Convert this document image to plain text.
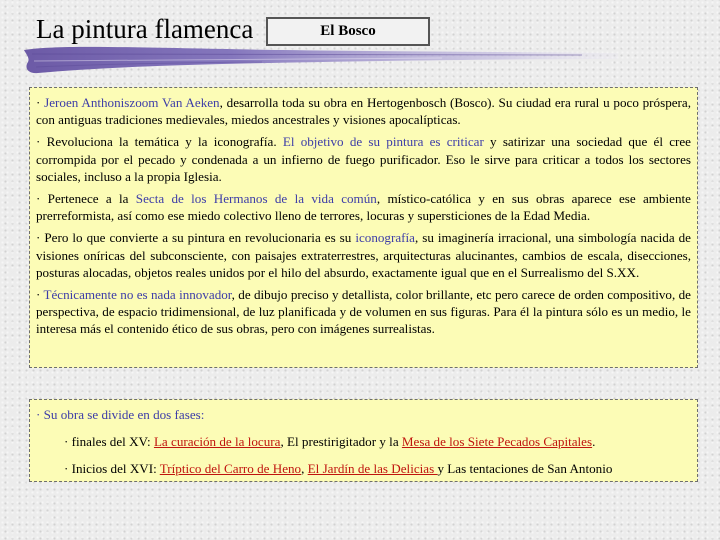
La pintura flamenca	El Bosco

· Jeroen Anthoniszoom Van Aeken, desarrolla toda su obra en Hertogenbosch (Bosco). Su ciudad era rural u poco próspera, con antiguas tradiciones medievales, miedos ancestrales y visiones apocalípticas.

· Revoluciona la temática y la iconografía. El objetivo de su pintura es criticar y satirizar una sociedad que él cree corrompida por el pecado y condenada a un infierno de fuego purificador. Eso le sirve para criticar a todos los sectores sociales, incluso a la propia Iglesia.

· Pertenece a la Secta de los Hermanos de la vida común, místico-católica y en sus obras aparece ese ambiente prerreformista, así como ese miedo colectivo lleno de terrores, locuras y supersticiones de la Edad Media.

· Pero lo que convierte a su pintura en revolucionaria es su iconografía, su imaginería irracional, una simbología nacida de visiones oníricas del subconsciente, con paisajes extraterrestres, arquitecturas alucinantes, cambios de escala, disecciones, posturas alocadas, objetos reales unidos por el hilo del absurdo, exactamente igual que en el Surrealismo del S.XX.

· Técnicamente no es nada innovador, de dibujo preciso y detallista, color brillante, etc pero carece de orden compositivo, de perspectiva, de espacio tridimensional, de luz planificada y de volumen en sus figuras. Para él la pintura sólo es un medio, le interesa más el contenido ético de sus obras, pero con imágenes surrealistas.

· Su obra se divide en dos fases:

· finales del XV: La curación de la locura, El prestirigitador y la Mesa de los Siete Pecados Capitales.

· Inicios del XVI: Tríptico del Carro de Heno, El Jardín de las Delicias y Las tentaciones de San Antonio
